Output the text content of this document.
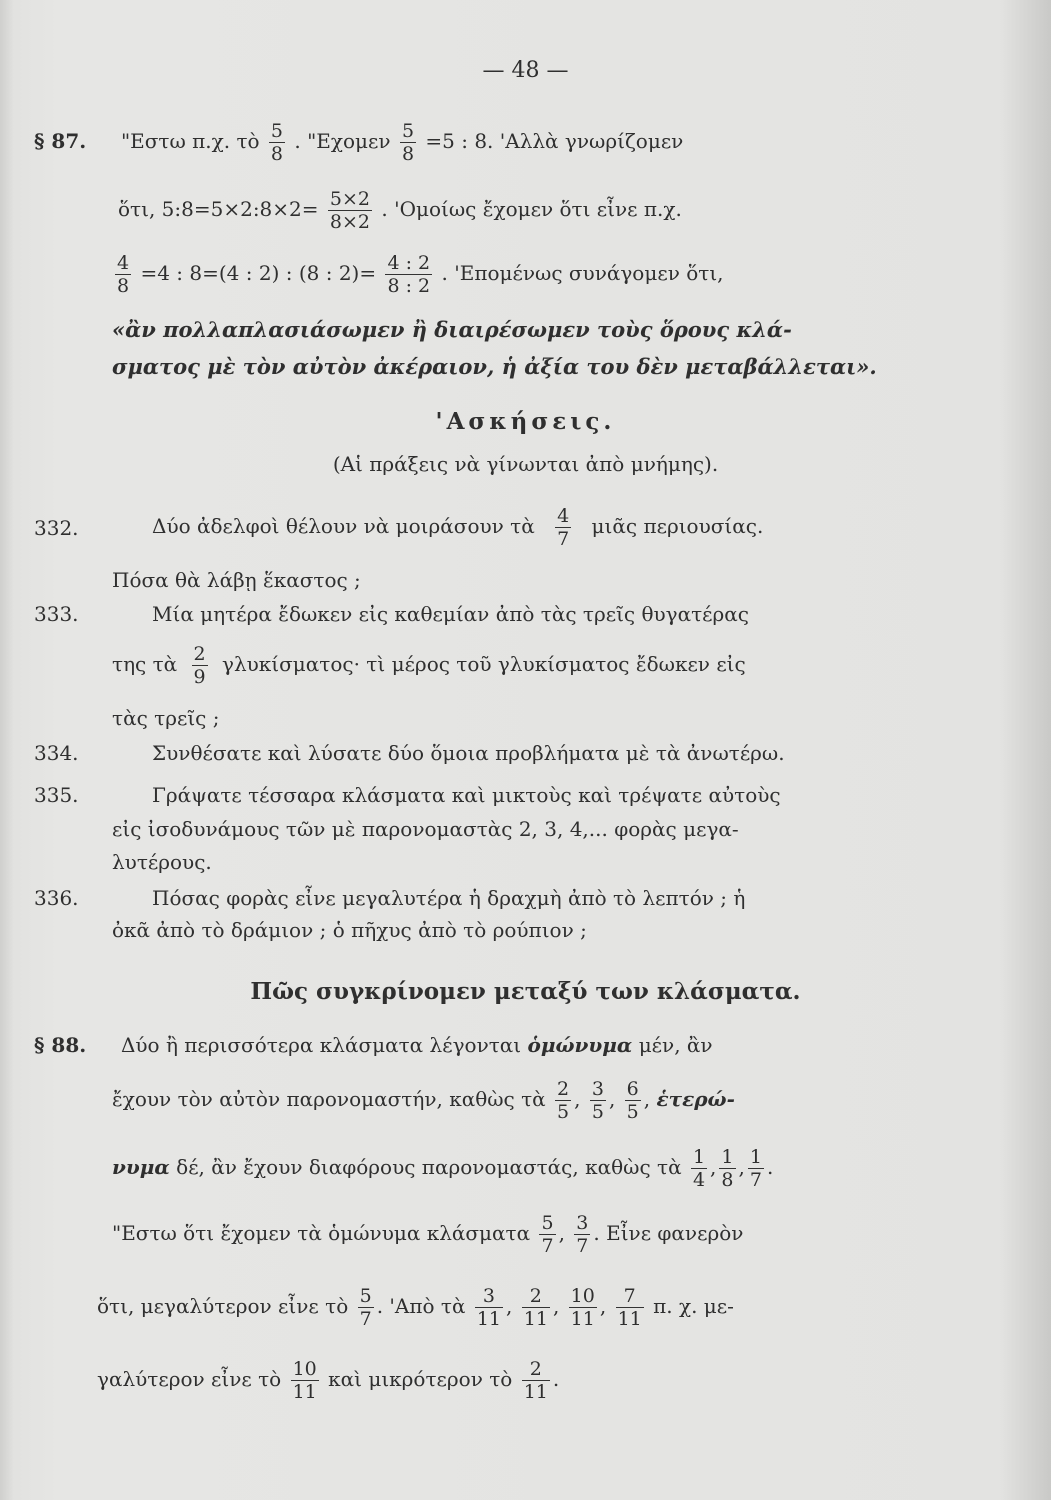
— 48 —
§ 87. "Εστω π.χ. τὸ $\frac{5}{8}$ . "$E\chi o\mu\varepsilon\nu \frac{5}{8} =5$ : 8. 'Αλλὰ γνωρίζομεν
ὅτι, 5:8=5×2:8×2= $\frac{5\times 2}{8\times 2}$ . 'Ομοίως ἔχομεν ὅτι εἶνε π.χ.
$\frac{4}{8} =4$ : 8=(4 : 2) : (8 : $2)= \frac{4 : 2}{8 : 2}$ . 'Επομένως συνάγομεν ὅτι,
«ἂν πολλαπλασιάσωμεν ἢ διαιρέσωμεν τοὺς ὅρους κλά-
σματος μὲ τὸν αὐτὸν ἀκέραιον, ἡ ἀξία του δὲν μεταβάλλεται».
'Ασκήσεις.
(Αἱ πράξεις νὰ γίνωνται ἀπὸ μνήμης).
332.	Δύο ἀδελφοὶ θέλουν νὰ μοιράσουν τὰ $\frac{4}{7}$ μιᾶς περιουσίας.
Πόσα θὰ λάβῃ ἕκαστος ;
333.	Μία μητέρα ἔδωκεν εἰς καθεμίαν ἀπὸ τὰς τρεῖς θυγατέρας
της τὰ $\frac{2}{9} \gamma\lambda\upsilon\kappa ί\sigma\mu\alpha\tau o\varsigma\cdot$ τὶ μέρος τοῦ γλυκίσματος ἔδωκεν εἰς
τὰς τρεῖς ;
334.	Συνθέσατε καὶ λύσατε δύο ὅμοια προβλήματα μὲ τὰ ἀνωτέρω.
335.	Γράψατε τέσσαρα κλάσματα καὶ μικτοὺς καὶ τρέψατε αὐτοὺς
εἰς ἰσοδυνάμους τῶν μὲ παρονομαστὰς 2, 3, 4,... φορὰς μεγα-
λυτέρους.
336.	Πόσας φορὰς εἶνε μεγαλυτέρα ἡ δραχμὴ ἀπὸ τὸ λεπτόν ; ἡ
ὀκᾶ ἀπὸ τὸ δράμιον ; ὁ πῆχυς ἀπὸ τὸ ρούπιον ;
Πῶς συγκρίνομεν μεταξύ των κλάσματα.
§ 88. Δύο ἢ περισσότερα κλάσματα λέγονται ὁμώνυμα μέν, ἂν
ἔχουν τὸν αὐτὸν παρονομαστήν, καθὼς τὰ $\frac{2}{5}$ , $\frac{3}{5}$ , $\frac{6}{5}$ , ἑτερώ-
νυμα δέ, ἂν ἔχουν διαφόρους παρονομαστάς, καθὼς τὰ $\frac{1}{4}$ , $\frac{1}{8}$ , $\frac{1}{7}$ .
"Εστω ὅτι ἔχομεν τὰ ὁμώνυμα κλάσματα $\frac{5}{7}$ , $\frac{3}{7}$ . Εἶνε φανερὸν
ὅτι, μεγαλύτερον εἶνε τὸ $\frac{5}{7}$ . 'Απὸ τὰ $\frac{3}{11}$ , $\frac{2}{11}$ , $\frac{10}{11}$ , $\frac{7}{11} \pi$. χ. με-
γαλύτερον εἶνε τὸ $\frac{10}{11}$ καὶ μικρότερον τὸ $\frac{2}{11}$ .
